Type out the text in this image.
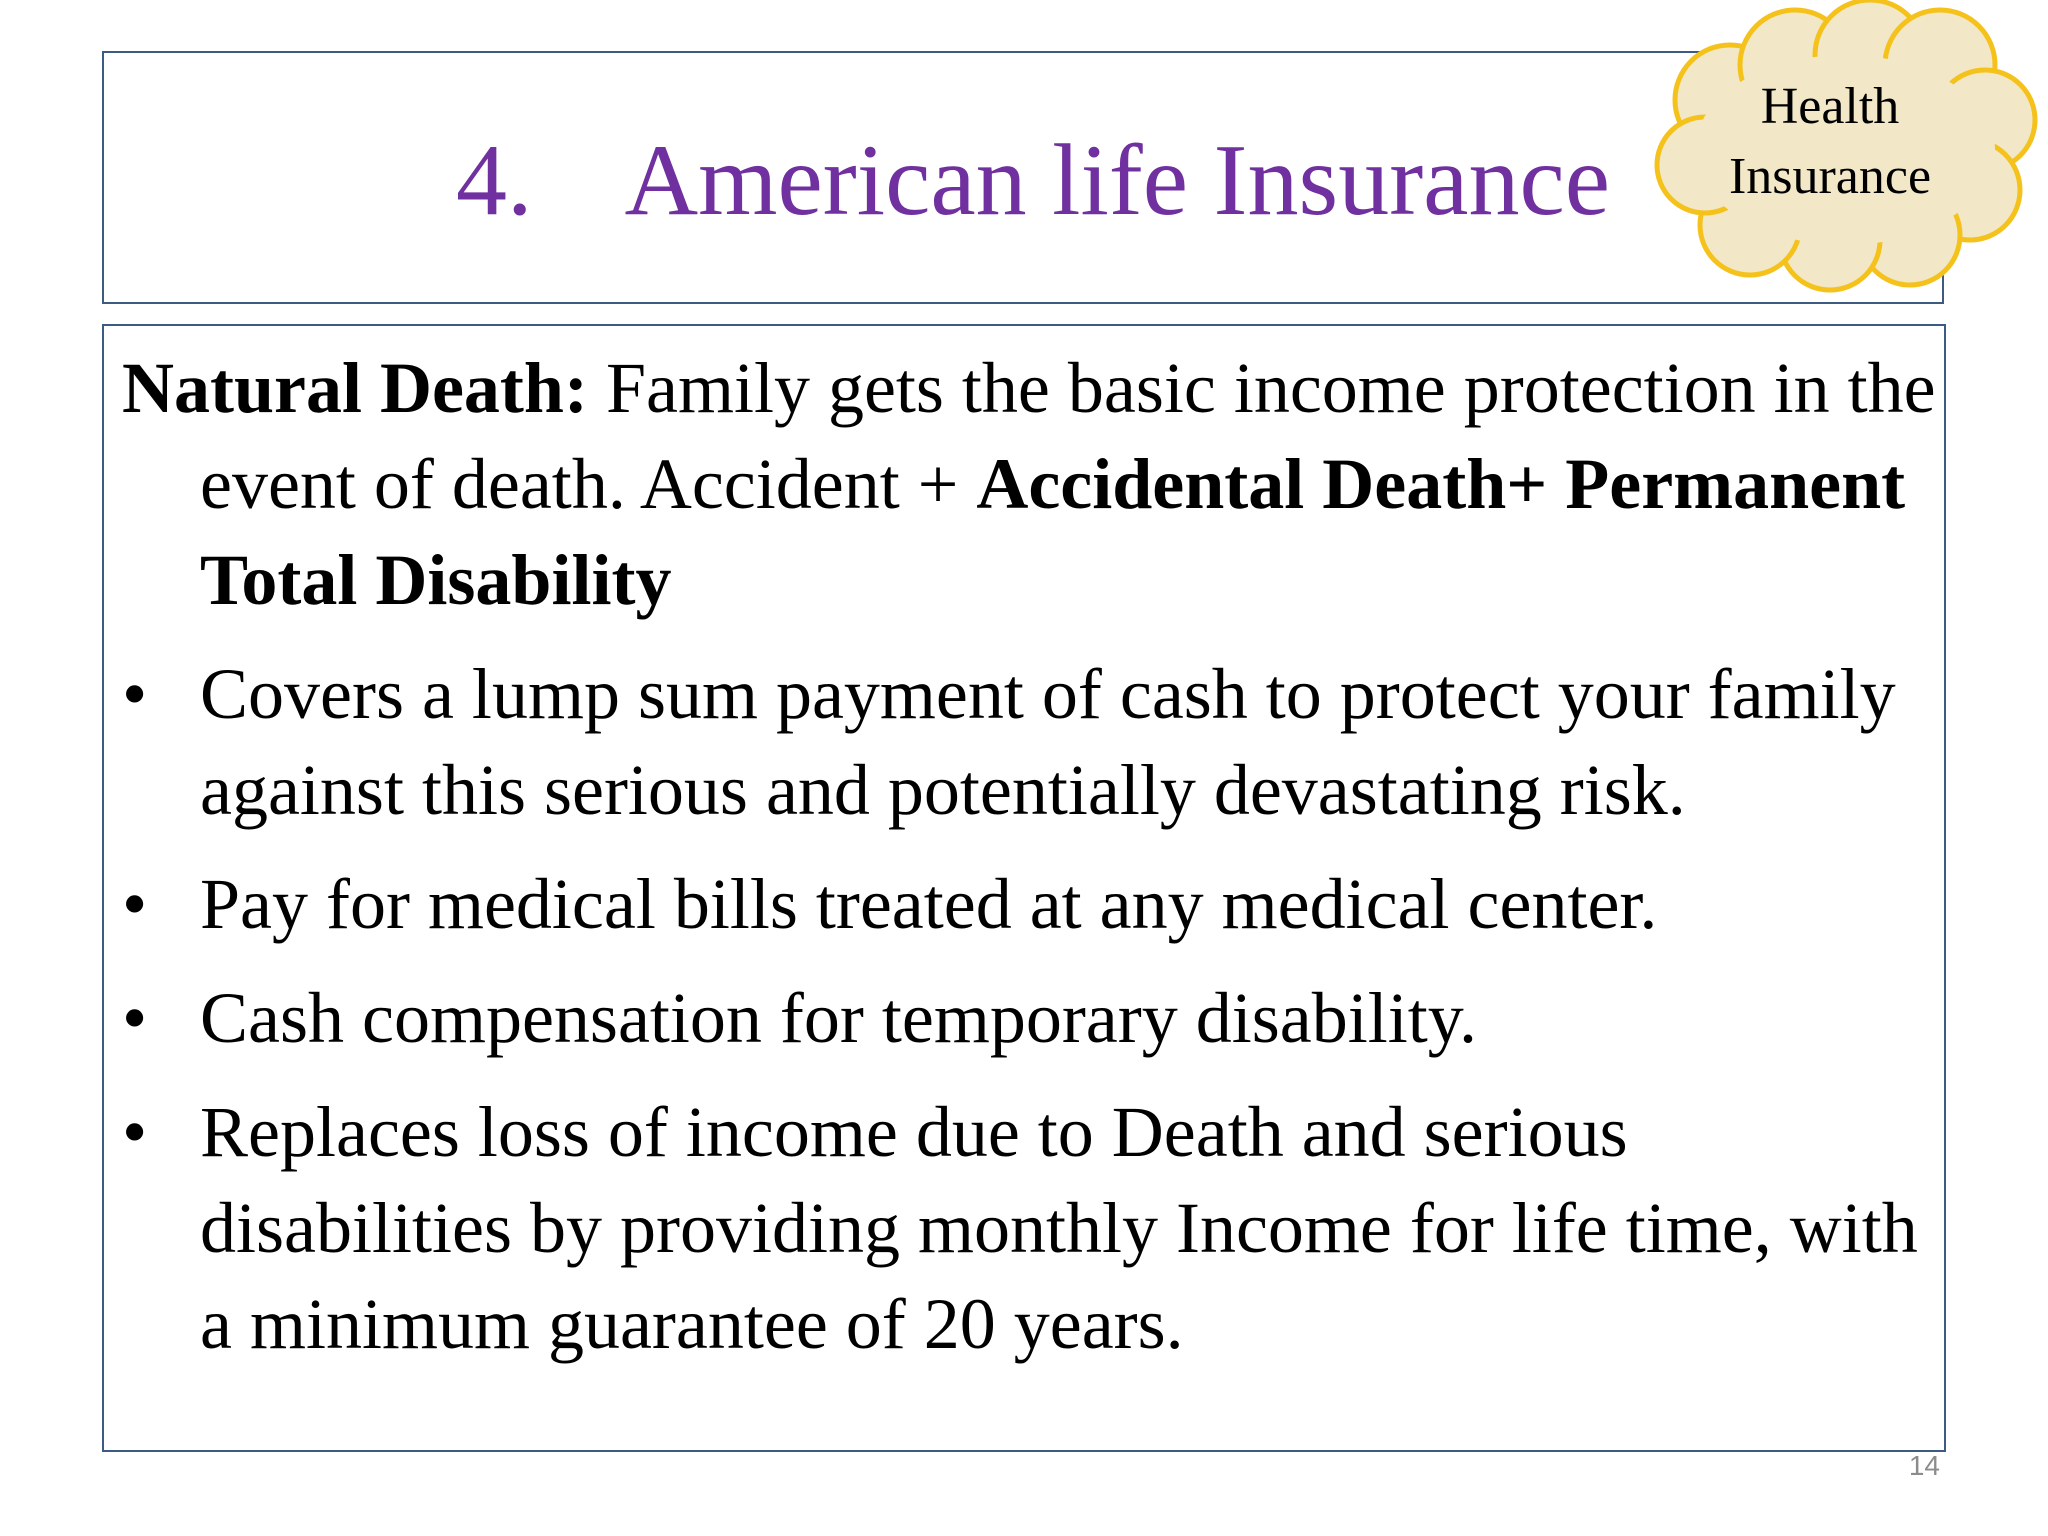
4. American life Insurance
Health
Insurance

Natural Death: Family gets the basic income protection in the event of death. Accident + Accidental Death+ Permanent Total Disability

• Covers a lump sum payment of cash to protect your family against this serious and potentially devastating risk.
• Pay for medical bills treated at any medical center.
• Cash compensation for temporary disability.
• Replaces loss of income due to Death and serious disabilities by providing monthly Income for life time, with a minimum guarantee of 20 years.
14
